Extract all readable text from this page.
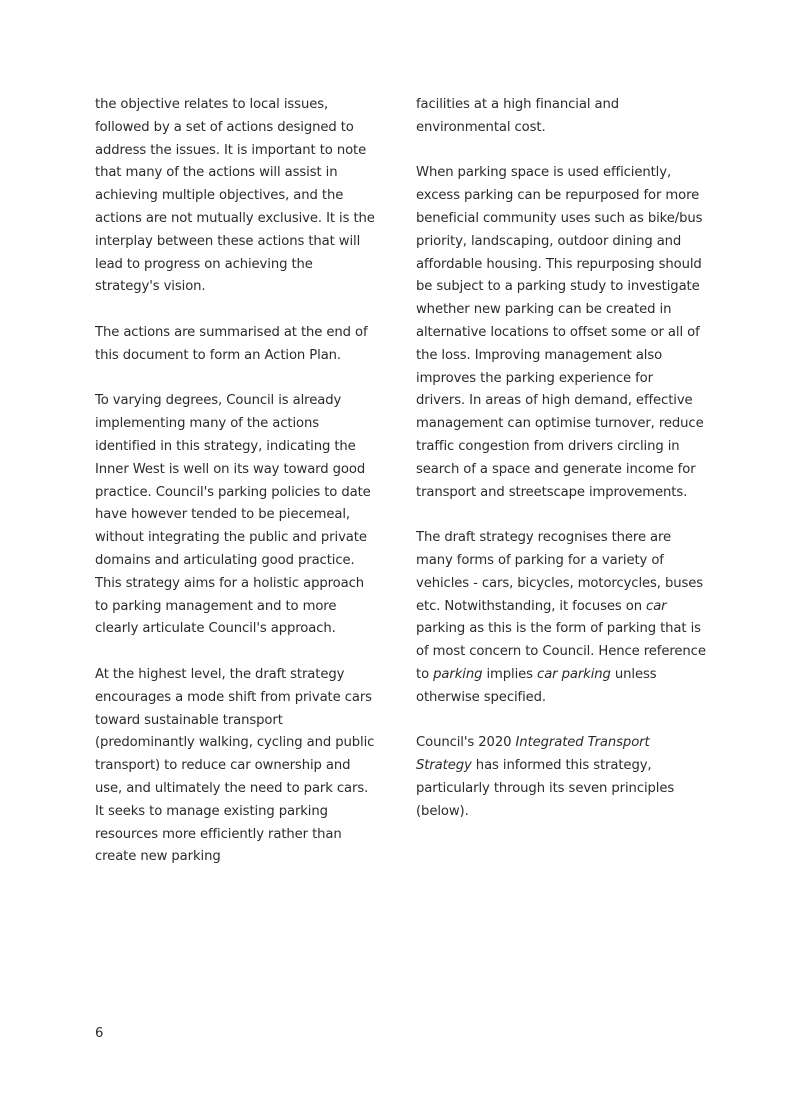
the objective relates to local issues, followed by a set of actions designed to address the issues. It is important to note that many of the actions will assist in achieving multiple objectives, and the actions are not mutually exclusive. It is the interplay between these actions that will lead to progress on achieving the strategy's vision.

The actions are summarised at the end of this document to form an Action Plan.

To varying degrees, Council is already implementing many of the actions identified in this strategy, indicating the Inner West is well on its way toward good practice. Council's parking policies to date have however tended to be piecemeal, without integrating the public and private domains and articulating good practice. This strategy aims for a holistic approach to parking management and to more clearly articulate Council's approach.

At the highest level, the draft strategy encourages a mode shift from private cars toward sustainable transport (predominantly walking, cycling and public transport) to reduce car ownership and use, and ultimately the need to park cars. It seeks to manage existing parking resources more efficiently rather than create new parking

facilities at a high financial and environmental cost.

When parking space is used efficiently, excess parking can be repurposed for more beneficial community uses such as bike/bus priority, landscaping, outdoor dining and affordable housing. This repurposing should be subject to a parking study to investigate whether new parking can be created in alternative locations to offset some or all of the loss. Improving management also improves the parking experience for drivers. In areas of high demand, effective management can optimise turnover, reduce traffic congestion from drivers circling in search of a space and generate income for transport and streetscape improvements.

The draft strategy recognises there are many forms of parking for a variety of vehicles - cars, bicycles, motorcycles, buses etc. Notwithstanding, it focuses on car parking as this is the form of parking that is of most concern to Council. Hence reference to parking implies car parking unless otherwise specified.

Council's 2020 Integrated Transport Strategy has informed this strategy, particularly through its seven principles (below).

6
